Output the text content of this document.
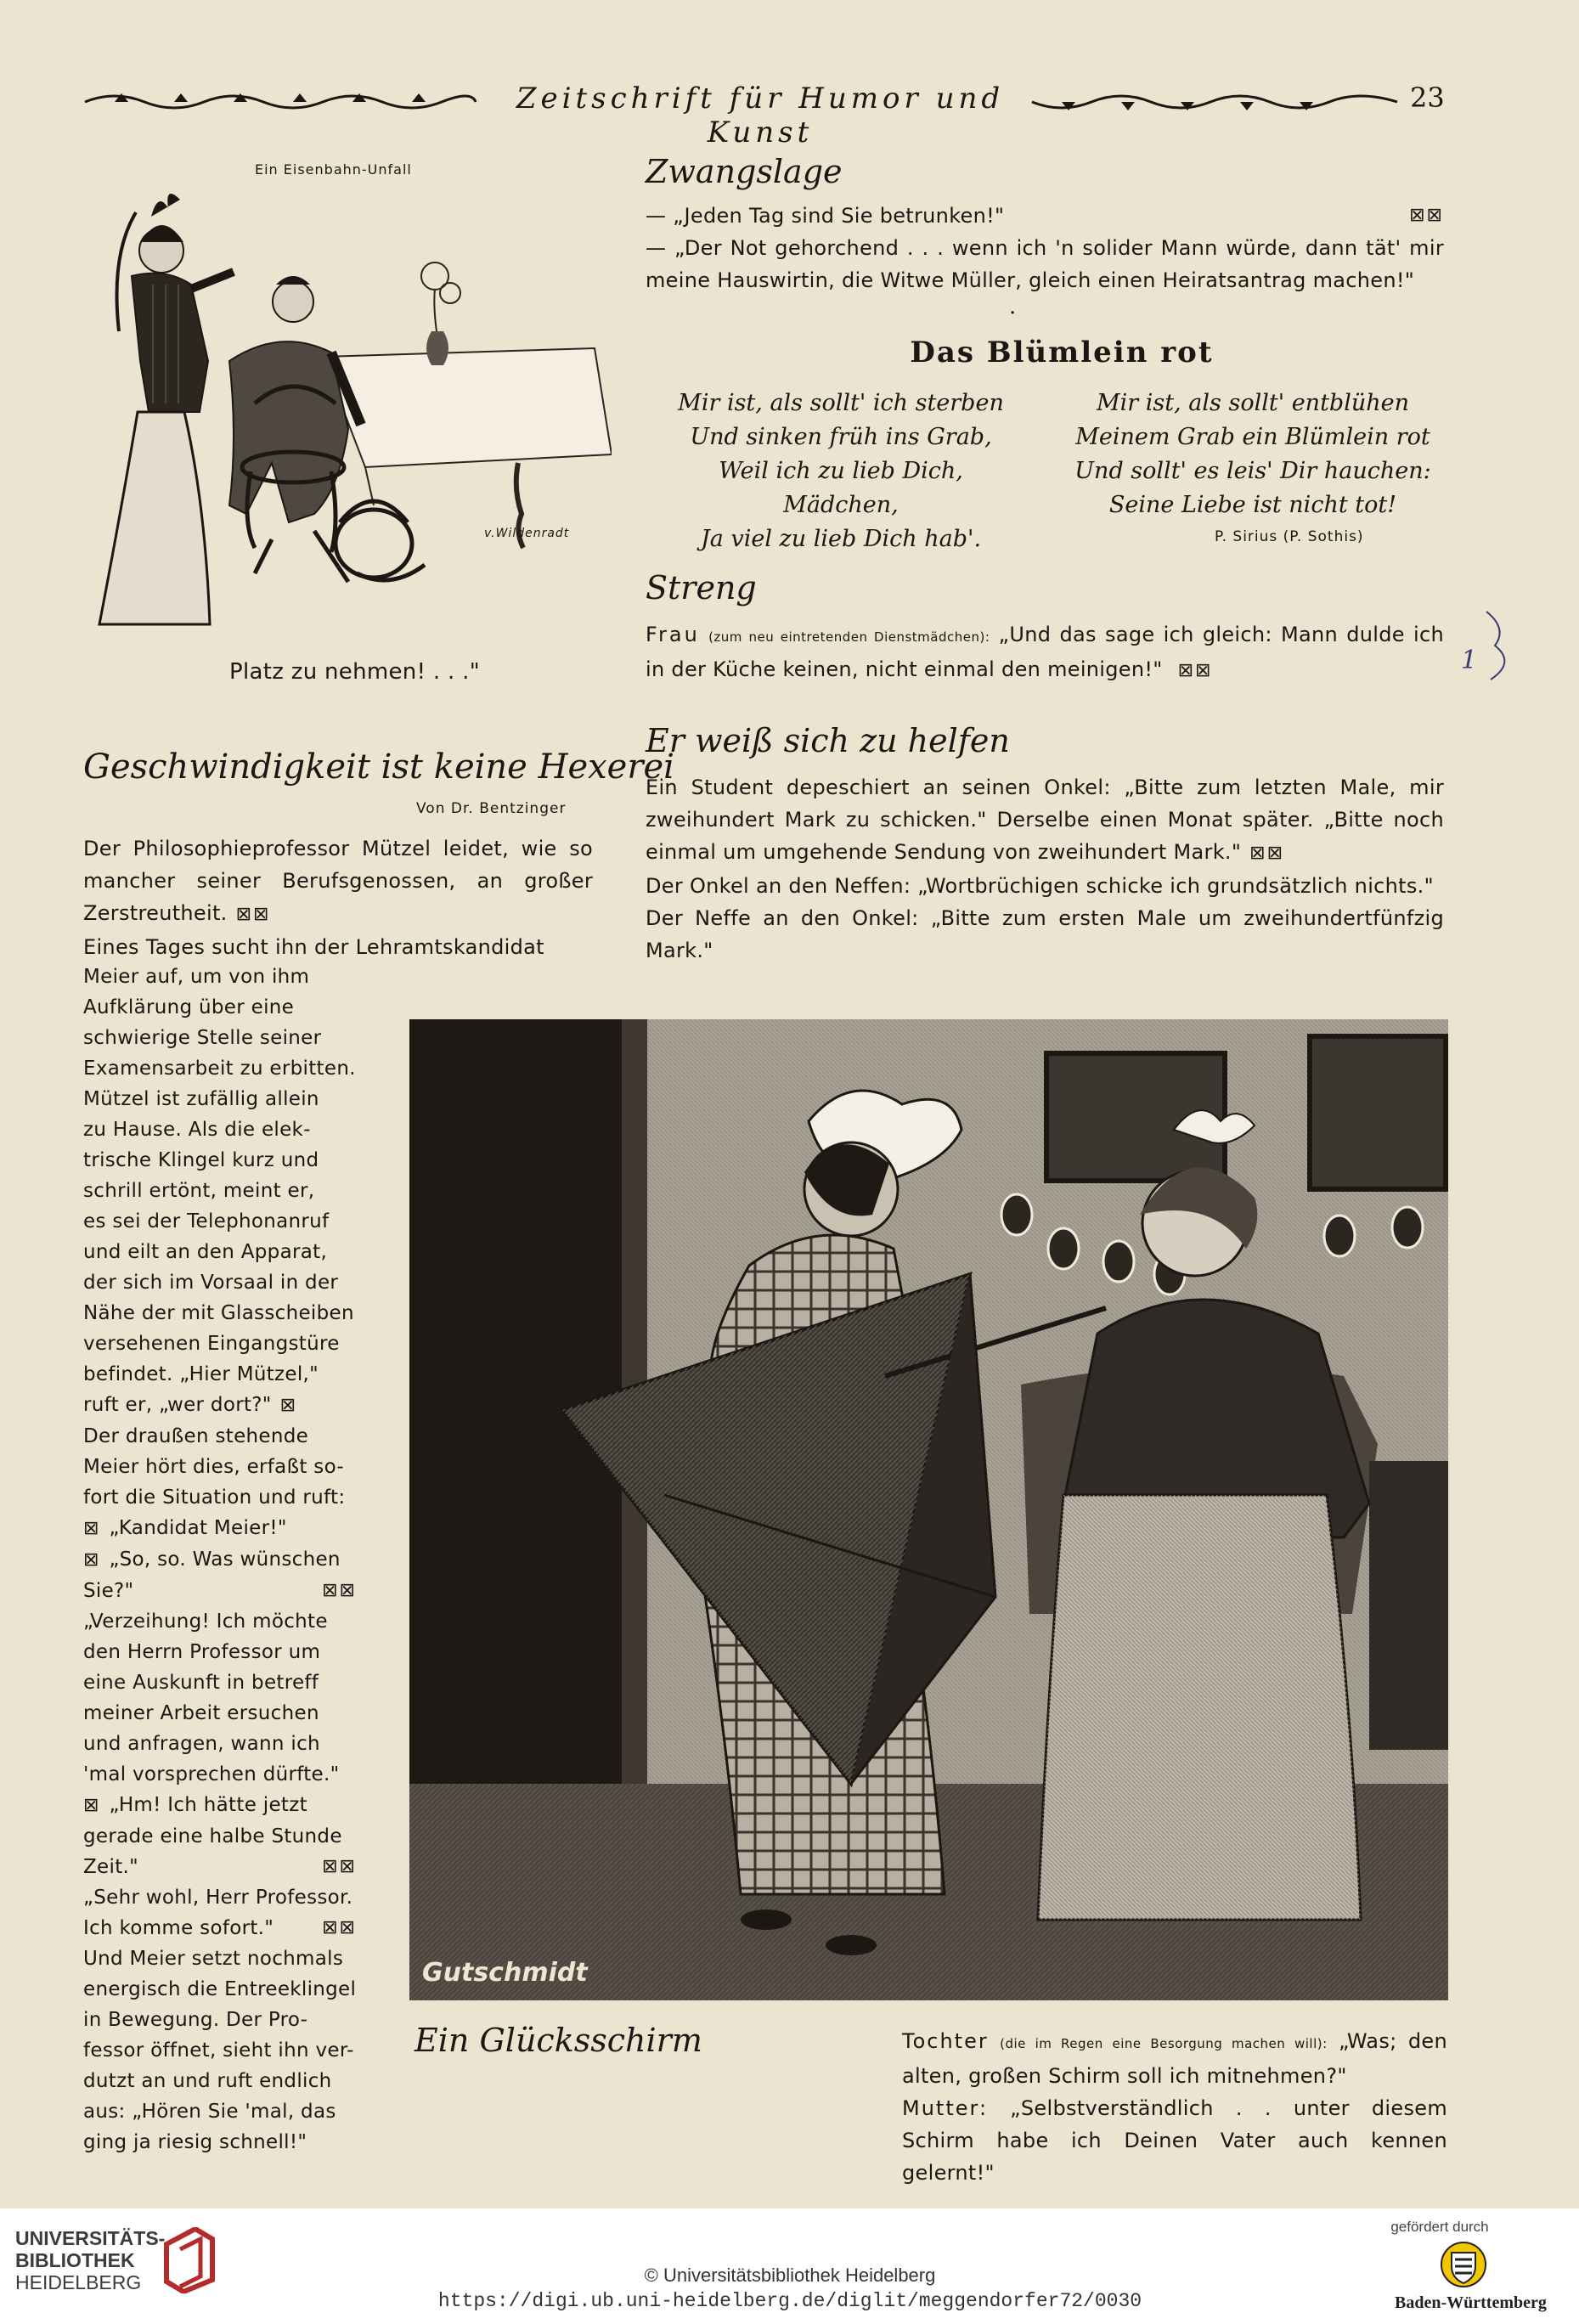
Zeitschrift für Humor und Kunst
23
Ein Eisenbahn-Unfall
v.Wildenradt
Platz zu nehmen! . . ."
Zwangslage

— „Jeden Tag sind Sie betrunken!"	⊠⊠

— „Der Not gehorchend . . . wenn ich 'n solider Mann würde, dann tät' mir meine Hauswirtin, die Witwe Müller, gleich einen Heiratsantrag machen!"

·
Das Blümlein rot
Mir ist, als sollt' ich sterben
Und sinken früh ins Grab,
Weil ich zu lieb Dich, Mädchen,
Ja viel zu lieb Dich hab'.
Mir ist, als sollt' entblühen
Meinem Grab ein Blümlein rot
Und sollt' es leis' Dir hauchen:
Seine Liebe ist nicht tot!
P. Sirius (P. Sothis)
Streng
Frau (zum neu eintretenden Dienstmädchen): „Und das sage ich gleich: Mann dulde ich in der Küche keinen, nicht einmal den meinigen!" ⊠⊠	1
Er weiß sich zu helfen

Ein Student depeschiert an seinen Onkel: „Bitte zum letzten Male, mir zweihundert Mark zu schicken." Derselbe einen Monat später. „Bitte noch einmal um umgehende Sendung von zweihundert Mark." ⊠⊠

Der Onkel an den Neffen: „Wortbrüchigen schicke ich grundsätzlich nichts."

Der Neffe an den Onkel: „Bitte zum ersten Male um zweihundertfünfzig Mark."

Geschwindigkeit ist keine Hexerei
Von Dr. Bentzinger

Der Philosophieprofessor Mützel leidet, wie so mancher seiner Berufsgenossen, an großer Zerstreutheit. ⊠⊠

Eines Tages sucht ihn der Lehramtskandidat

Meier auf, um von ihm
Aufklärung über eine
schwierige Stelle seiner
Examensarbeit zu erbitten.
Mützel ist zufällig allein
zu Hause. Als die elek-
trische Klingel kurz und
schrill ertönt, meint er,
es sei der Telephonanruf
und eilt an den Apparat,
der sich im Vorsaal in der
Nähe der mit Glasscheiben
versehenen Eingangstüre
befindet. „Hier Mützel,"
ruft er, „wer dort?" ⊠
Der draußen stehende
Meier hört dies, erfaßt so-
fort die Situation und ruft:
⊠ „Kandidat Meier!"
⊠ „So, so. Was wünschen
Sie?"	⊠⊠
„Verzeihung! Ich möchte
den Herrn Professor um
eine Auskunft in betreff
meiner Arbeit ersuchen
und anfragen, wann ich
'mal vorsprechen dürfte."
⊠ „Hm! Ich hätte jetzt
gerade eine halbe Stunde
Zeit."	⊠⊠
„Sehr wohl, Herr Professor.
Ich komme sofort."	⊠⊠
Und Meier setzt nochmals
energisch die Entreeklingel
in Bewegung. Der Pro-
fessor öffnet, sieht ihn ver-
dutzt an und ruft endlich
aus: „Hören Sie 'mal, das
ging ja riesig schnell!"
Gutschmidt
Ein Glücksschirm	Tochter (die im Regen eine Besorgung machen will): „Was; den alten, großen Schirm soll ich mitnehmen?"

Mutter: „Selbstverständlich . . unter diesem Schirm habe ich Deinen Vater auch kennen gelernt!"

UNIVERSITÄTS-
BIBLIOTHEK
HEIDELBERG	© Universitätsbibliothek Heidelberg
https://digi.ub.uni-heidelberg.de/diglit/meggendorfer72/0030
gefördert durch
Baden-Württemberg
